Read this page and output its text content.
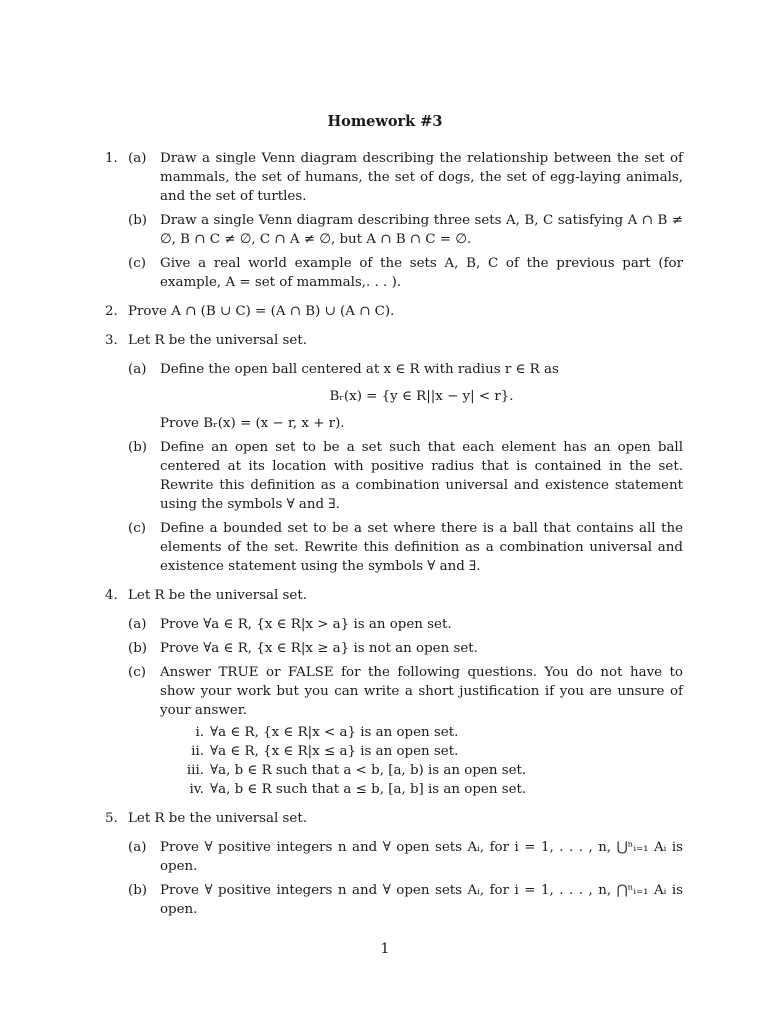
Homework #3
1. (a) Draw a single Venn diagram describing the relationship between the set of mammals, the set of humans, the set of dogs, the set of egg-laying animals, and the set of turtles.
(b) Draw a single Venn diagram describing three sets A, B, C satisfying A ∩ B ≠ ∅, B ∩ C ≠ ∅, C ∩ A ≠ ∅, but A ∩ B ∩ C = ∅.
(c) Give a real world example of the sets A, B, C of the previous part (for example, A = set of mammals,. . . ).
2. Prove A ∩ (B ∪ C) = (A ∩ B) ∪ (A ∩ C).
3. Let R be the universal set.
(a) Define the open ball centered at x ∈ R with radius r ∈ R as
Bᵣ(x) = {y ∈ R||x − y| < r}.
Prove Bᵣ(x) = (x − r, x + r).
(b) Define an open set to be a set such that each element has an open ball centered at its location with positive radius that is contained in the set. Rewrite this definition as a combination universal and existence statement using the symbols ∀ and ∃.
(c) Define a bounded set to be a set where there is a ball that contains all the elements of the set. Rewrite this definition as a combination universal and existence statement using the symbols ∀ and ∃.
4. Let R be the universal set.
(a) Prove ∀a ∈ R, {x ∈ R|x > a} is an open set.
(b) Prove ∀a ∈ R, {x ∈ R|x ≥ a} is not an open set.
(c) Answer TRUE or FALSE for the following questions. You do not have to show your work but you can write a short justification if you are unsure of your answer.
i. ∀a ∈ R, {x ∈ R|x < a} is an open set.
ii. ∀a ∈ R, {x ∈ R|x ≤ a} is an open set.
iii. ∀a, b ∈ R such that a < b, [a, b) is an open set.
iv. ∀a, b ∈ R such that a ≤ b, [a, b] is an open set.
5. Let R be the universal set.
(a) Prove ∀ positive integers n and ∀ open sets Aᵢ, for i = 1, . . . , n, ⋃ⁿᵢ₌₁ Aᵢ is open.
(b) Prove ∀ positive integers n and ∀ open sets Aᵢ, for i = 1, . . . , n, ⋂ⁿᵢ₌₁ Aᵢ is open.
1
